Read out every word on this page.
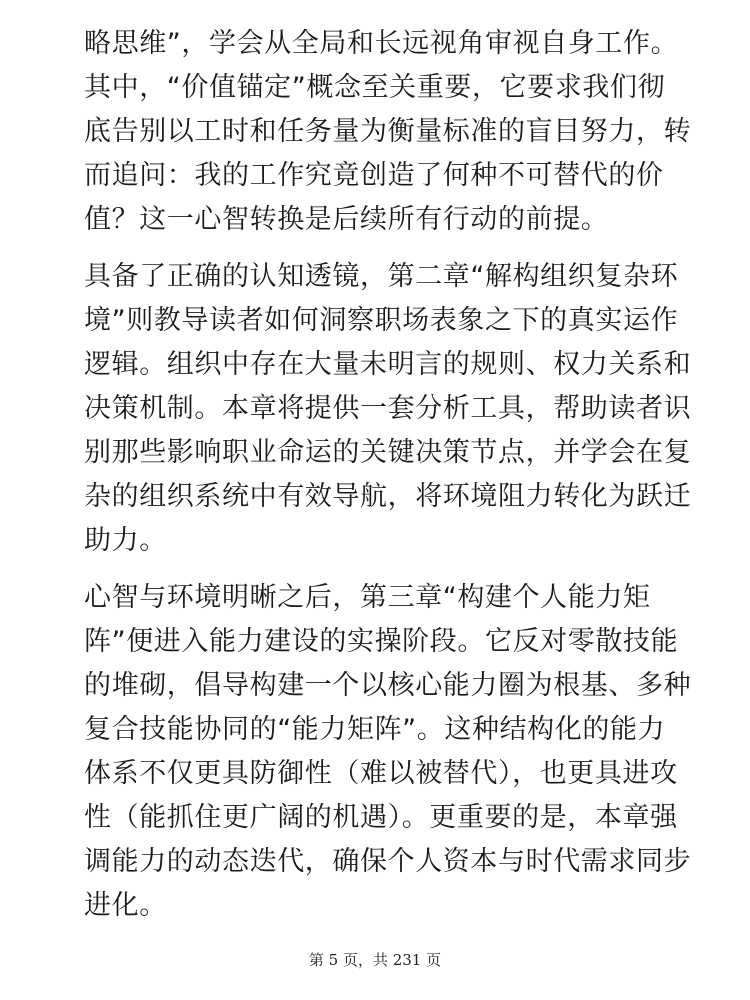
略思维”，学会从全局和长远视角审视自身工作。
其中，“价值锚定”概念至关重要，它要求我们彻
底告别以工时和任务量为衡量标准的盲目努力，转
而追问：我的工作究竟创造了何种不可替代的价
值？这一心智转换是后续所有行动的前提。
具备了正确的认知透镜，第二章“解构组织复杂环
境”则教导读者如何洞察职场表象之下的真实运作
逻辑。组织中存在大量未明言的规则、权力关系和
决策机制。本章将提供一套分析工具，帮助读者识
别那些影响职业命运的关键决策节点，并学会在复
杂的组织系统中有效导航，将环境阻力转化为跃迁
助力。
心智与环境明晰之后，第三章“构建个人能力矩
阵”便进入能力建设的实操阶段。它反对零散技能
的堆砌，倡导构建一个以核心能力圈为根基、多种
复合技能协同的“能力矩阵”。这种结构化的能力
体系不仅更具防御性（难以被替代），也更具进攻
性（能抓住更广阔的机遇）。更重要的是，本章强
调能力的动态迭代，确保个人资本与时代需求同步
进化。
第 5 页，共 231 页
